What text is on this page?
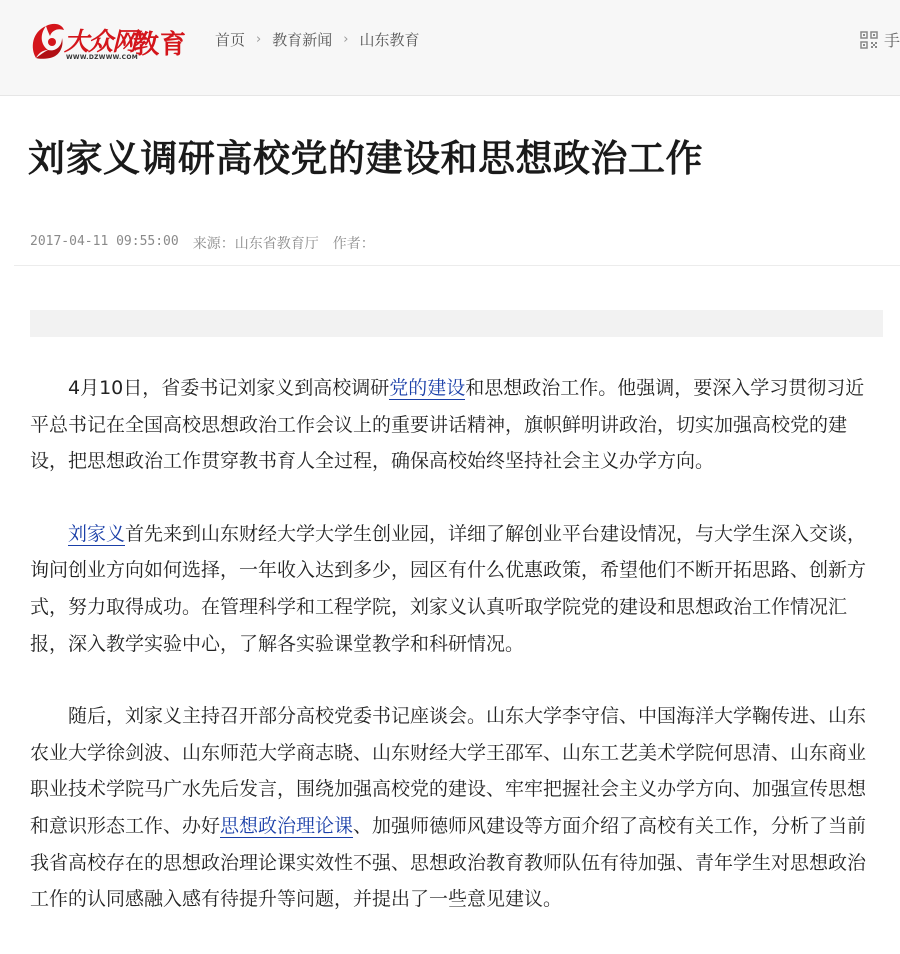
大众网
教育
WWW.DZWWW.COM
首页 › 教育新闻 › 山东教育	手
刘家义调研高校党的建设和思想政治工作
2017-04-11 09:55:00 来源：山东省教育厅 作者：

4月10日，省委书记刘家义到高校调研党的建设和思想政治工作。他强调，要深入学习贯彻习近平总书记在全国高校思想政治工作会议上的重要讲话精神，旗帜鲜明讲政治，切实加强高校党的建设，把思想政治工作贯穿教书育人全过程，确保高校始终坚持社会主义办学方向。

刘家义首先来到山东财经大学大学生创业园，详细了解创业平台建设情况，与大学生深入交谈，询问创业方向如何选择，一年收入达到多少，园区有什么优惠政策，希望他们不断开拓思路、创新方式，努力取得成功。在管理科学和工程学院，刘家义认真听取学院党的建设和思想政治工作情况汇报，深入教学实验中心，了解各实验课堂教学和科研情况。

随后，刘家义主持召开部分高校党委书记座谈会。山东大学李守信、中国海洋大学鞠传进、山东农业大学徐剑波、山东师范大学商志晓、山东财经大学王邵军、山东工艺美术学院何思清、山东商业职业技术学院马广水先后发言，围绕加强高校党的建设、牢牢把握社会主义办学方向、加强宣传思想和意识形态工作、办好思想政治理论课、加强师德师风建设等方面介绍了高校有关工作，分析了当前我省高校存在的思想政治理论课实效性不强、思想政治教育教师队伍有待加强、青年学生对思想政治工作的认同感融入感有待提升等问题，并提出了一些意见建议。
